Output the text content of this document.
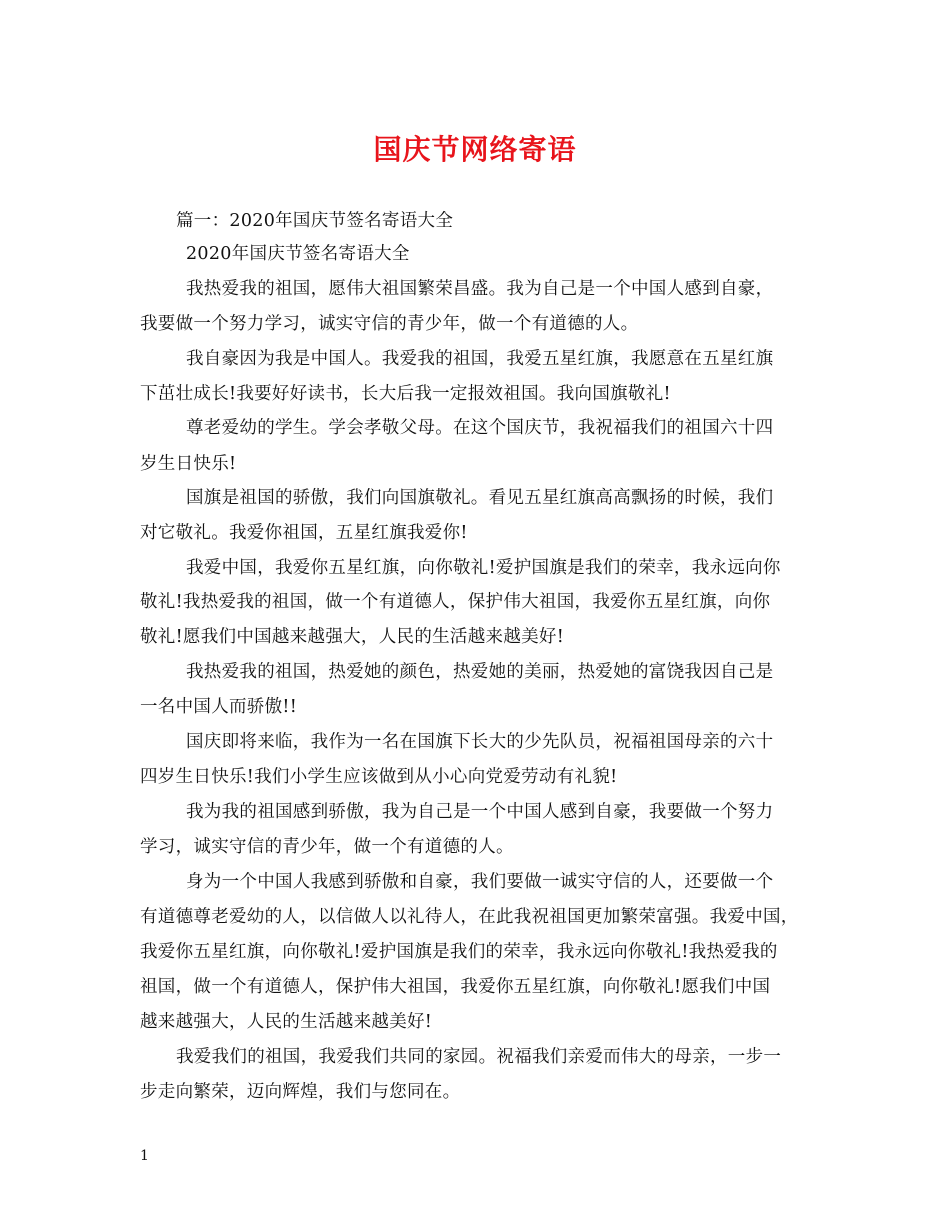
国庆节网络寄语
篇一：2020年国庆节签名寄语大全
2020年国庆节签名寄语大全
我热爱我的祖国，愿伟大祖国繁荣昌盛。我为自己是一个中国人感到自豪，
我要做一个努力学习，诚实守信的青少年，做一个有道德的人。
我自豪因为我是中国人。我爱我的祖国，我爱五星红旗，我愿意在五星红旗
下茁壮成长!我要好好读书，长大后我一定报效祖国。我向国旗敬礼!
尊老爱幼的学生。学会孝敬父母。在这个国庆节，我祝福我们的祖国六十四
岁生日快乐!
国旗是祖国的骄傲，我们向国旗敬礼。看见五星红旗高高飘扬的时候，我们
对它敬礼。我爱你祖国，五星红旗我爱你!
我爱中国，我爱你五星红旗，向你敬礼!爱护国旗是我们的荣幸，我永远向你
敬礼!我热爱我的祖国，做一个有道德人，保护伟大祖国，我爱你五星红旗，向你
敬礼!愿我们中国越来越强大，人民的生活越来越美好!
我热爱我的祖国，热爱她的颜色，热爱她的美丽，热爱她的富饶我因自己是
一名中国人而骄傲!!
国庆即将来临，我作为一名在国旗下长大的少先队员，祝福祖国母亲的六十
四岁生日快乐!我们小学生应该做到从小心向党爱劳动有礼貌!
我为我的祖国感到骄傲，我为自己是一个中国人感到自豪，我要做一个努力
学习，诚实守信的青少年，做一个有道德的人。
身为一个中国人我感到骄傲和自豪，我们要做一诚实守信的人，还要做一个
有道德尊老爱幼的人，以信做人以礼待人，在此我祝祖国更加繁荣富强。我爱中国，
我爱你五星红旗，向你敬礼!爱护国旗是我们的荣幸，我永远向你敬礼!我热爱我的
祖国，做一个有道德人，保护伟大祖国，我爱你五星红旗，向你敬礼!愿我们中国
越来越强大，人民的生活越来越美好!
我爱我们的祖国，我爱我们共同的家园。祝福我们亲爱而伟大的母亲，一步一
步走向繁荣，迈向辉煌，我们与您同在。
1
